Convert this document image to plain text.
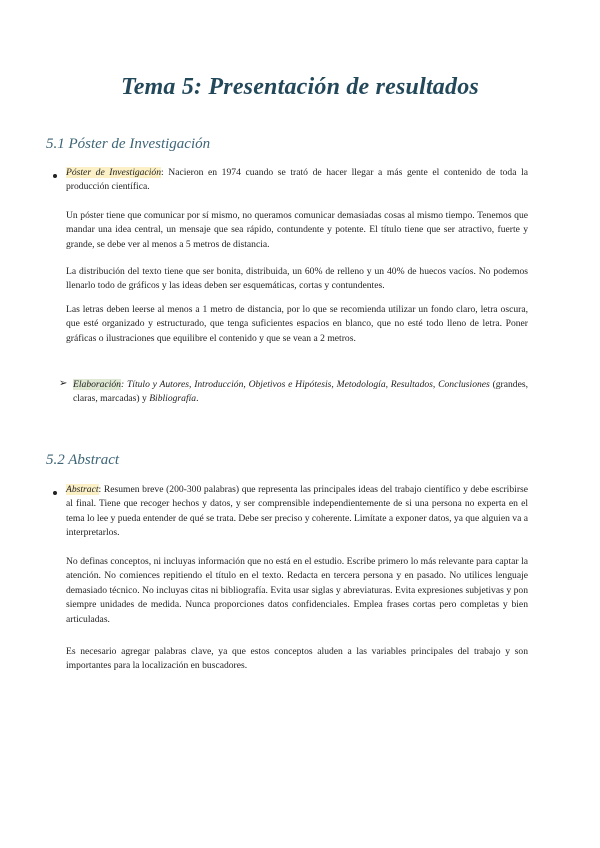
Tema 5: Presentación de resultados
5.1 Póster de Investigación
Póster de Investigación: Nacieron en 1974 cuando se trató de hacer llegar a más gente el contenido de toda la producción científica.
Un póster tiene que comunicar por sí mismo, no queramos comunicar demasiadas cosas al mismo tiempo. Tenemos que mandar una idea central, un mensaje que sea rápido, contundente y potente. El título tiene que ser atractivo, fuerte y grande, se debe ver al menos a 5 metros de distancia.
La distribución del texto tiene que ser bonita, distribuida, un 60% de relleno y un 40% de huecos vacíos. No podemos llenarlo todo de gráficos y las ideas deben ser esquemáticas, cortas y contundentes.
Las letras deben leerse al menos a 1 metro de distancia, por lo que se recomienda utilizar un fondo claro, letra oscura, que esté organizado y estructurado, que tenga suficientes espacios en blanco, que no esté todo lleno de letra. Poner gráficas o ilustraciones que equilibre el contenido y que se vean a 2 metros.
➢ Elaboración: Título y Autores, Introducción, Objetivos e Hipótesis, Metodología, Resultados, Conclusiones (grandes, claras, marcadas) y Bibliografía.
5.2 Abstract
Abstract: Resumen breve (200-300 palabras) que representa las principales ideas del trabajo científico y debe escribirse al final. Tiene que recoger hechos y datos, y ser comprensible independientemente de si una persona no experta en el tema lo lee y pueda entender de qué se trata. Debe ser preciso y coherente. Limítate a exponer datos, ya que alguien va a interpretarlos.
No definas conceptos, ni incluyas información que no está en el estudio. Escribe primero lo más relevante para captar la atención. No comiences repitiendo el título en el texto. Redacta en tercera persona y en pasado. No utilices lenguaje demasiado técnico. No incluyas citas ni bibliografía. Evita usar siglas y abreviaturas. Evita expresiones subjetivas y pon siempre unidades de medida. Nunca proporciones datos confidenciales. Emplea frases cortas pero completas y bien articuladas.
Es necesario agregar palabras clave, ya que estos conceptos aluden a las variables principales del trabajo y son importantes para la localización en buscadores.
